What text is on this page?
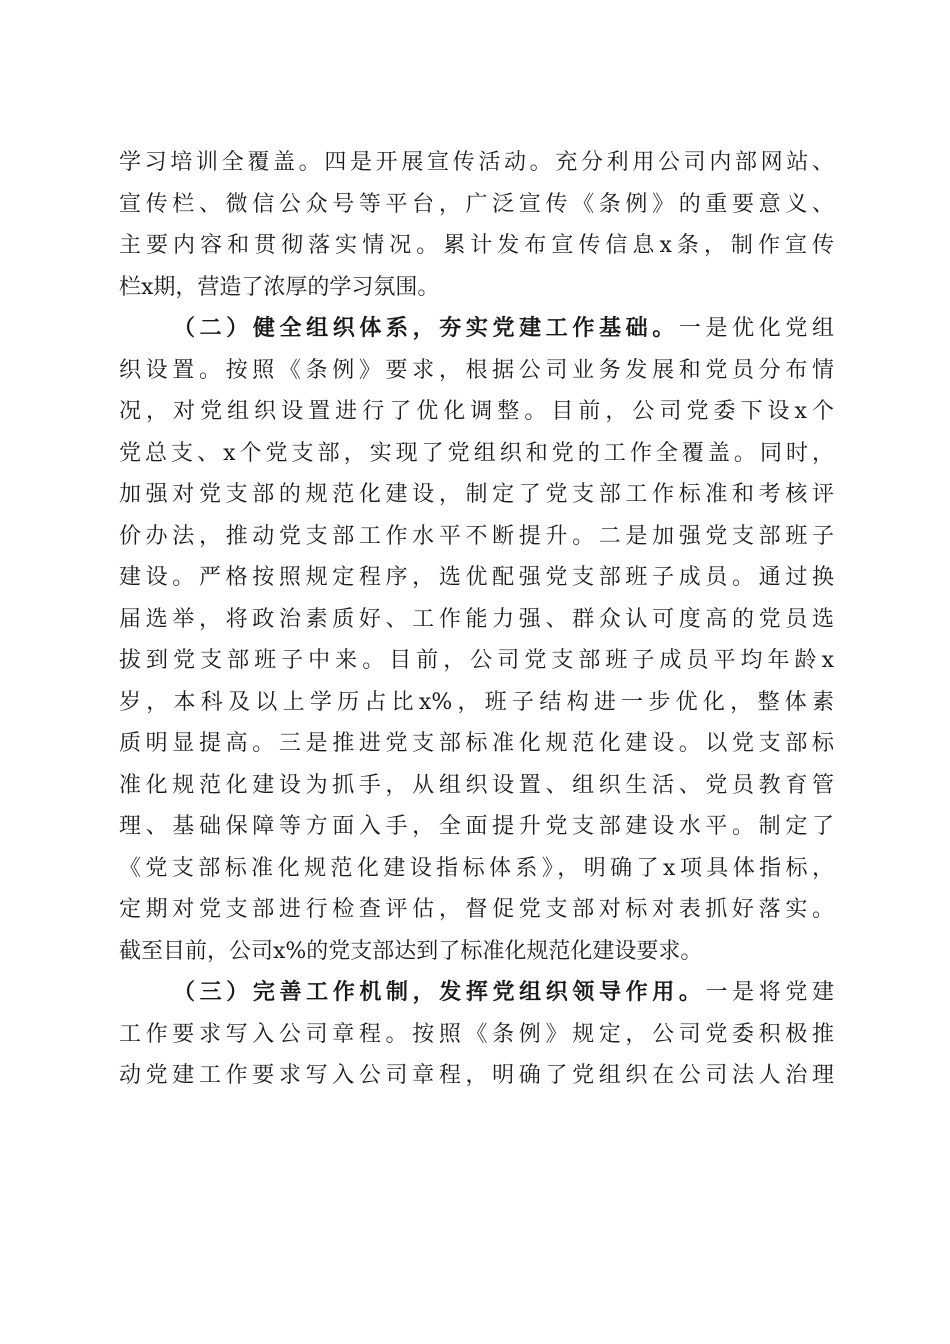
学习培训全覆盖。四是开展宣传活动。充分利用公司内部网站、
宣传栏、微信公众号等平台，广泛宣传《条例》的重要意义、
主要内容和贯彻落实情况。累计发布宣传信息x条，制作宣传
栏x期，营造了浓厚的学习氛围。
（二）健全组织体系，夯实党建工作基础。一是优化党组
织设置。按照《条例》要求，根据公司业务发展和党员分布情
况，对党组织设置进行了优化调整。目前，公司党委下设x个
党总支、x个党支部，实现了党组织和党的工作全覆盖。同时，
加强对党支部的规范化建设，制定了党支部工作标准和考核评
价办法，推动党支部工作水平不断提升。二是加强党支部班子
建设。严格按照规定程序，选优配强党支部班子成员。通过换
届选举，将政治素质好、工作能力强、群众认可度高的党员选
拔到党支部班子中来。目前，公司党支部班子成员平均年龄x
岁，本科及以上学历占比x%，班子结构进一步优化，整体素
质明显提高。三是推进党支部标准化规范化建设。以党支部标
准化规范化建设为抓手，从组织设置、组织生活、党员教育管
理、基础保障等方面入手，全面提升党支部建设水平。制定了
《党支部标准化规范化建设指标体系》，明确了x项具体指标，
定期对党支部进行检查评估，督促党支部对标对表抓好落实。
截至目前，公司x%的党支部达到了标准化规范化建设要求。
（三）完善工作机制，发挥党组织领导作用。一是将党建
工作要求写入公司章程。按照《条例》规定，公司党委积极推
动党建工作要求写入公司章程，明确了党组织在公司法人治理
